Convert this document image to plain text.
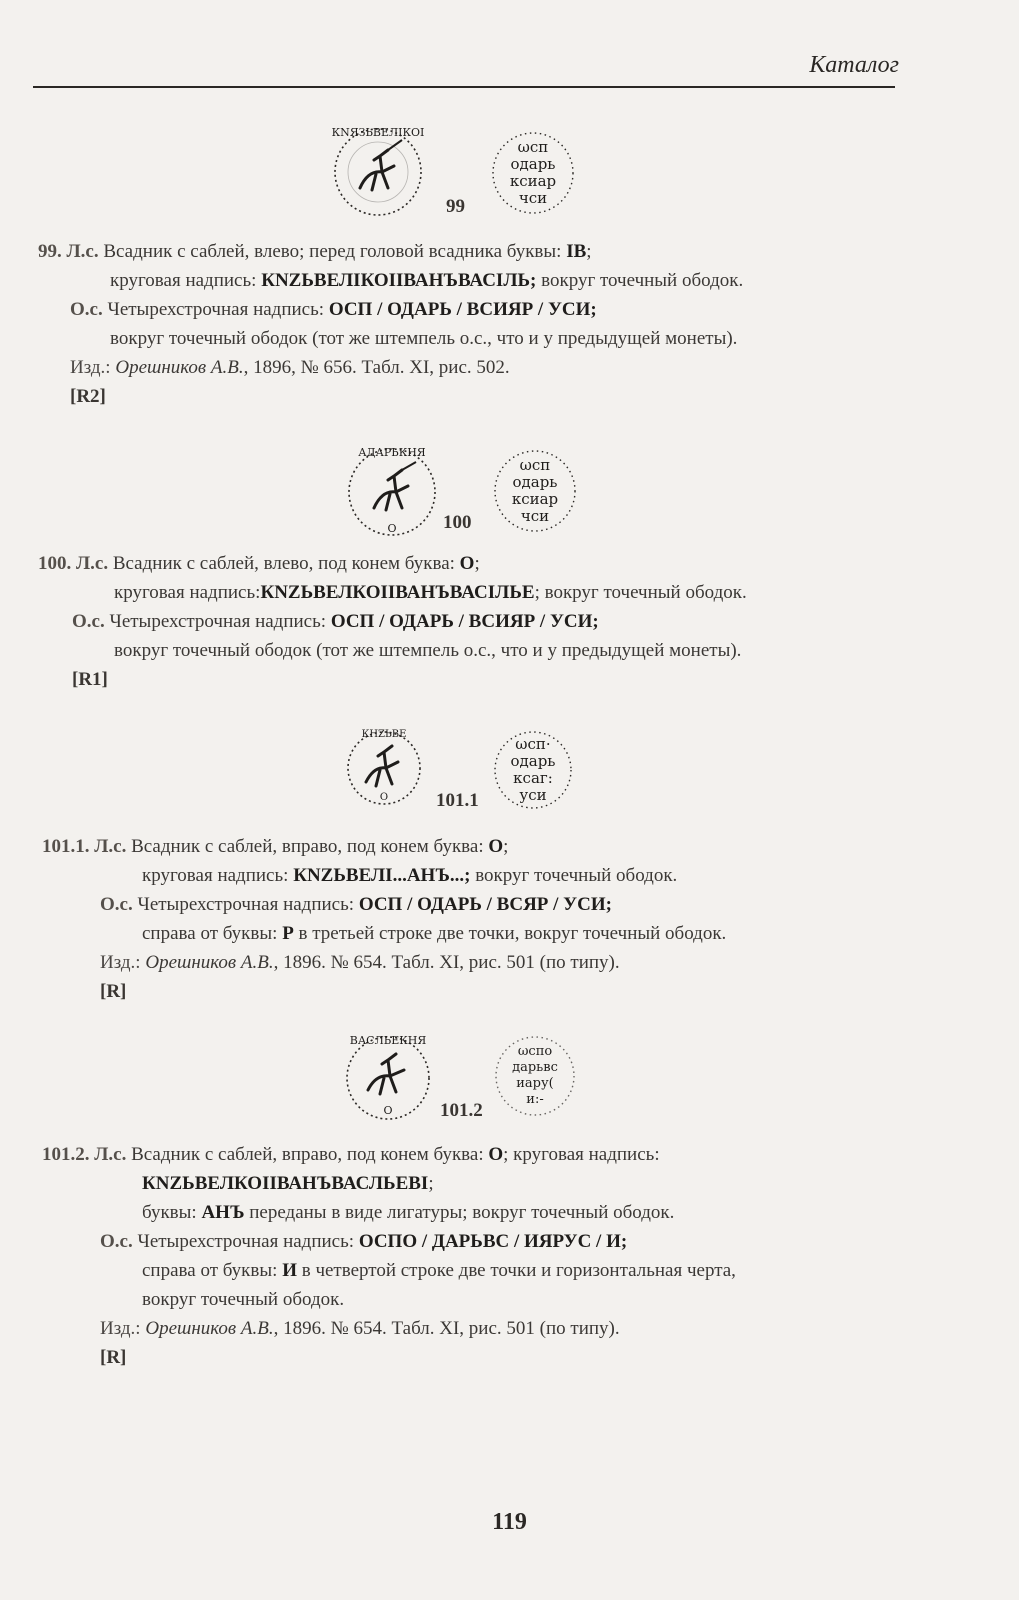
Каталог
КNЯЗЬВЕЛІКОІ
ωсп
одарь
ксиар
чси
99
99. Л.с. Всадник с саблей, влево; перед головой всадника буквы: IB;
круговая надпись: КNZЬВЕЛIКОIIВАНЪВАСIЛЬ; вокруг точечный ободок.
О.с. Четырехстрочная надпись: ОСП / ОДАРЬ / ВСИЯР / УСИ;
вокруг точечный ободок (тот же штемпель о.с., что и у предыдущей монеты).
Изд.: Орешников А.В., 1896, № 656. Табл. XI, рис. 502.
[R2]
АДАРЬКНЯ
О
ωсп
одарь
ксиар
чси
100
100. Л.с. Всадник с саблей, влево, под конем буква: О;
круговая надпись:КNZЬВЕЛКОIIВАНЪВАСIЛЬЕ; вокруг точечный ободок.
О.с. Четырехстрочная надпись: ОСП / ОДАРЬ / ВСИЯР / УСИ;
вокруг точечный ободок (тот же штемпель о.с., что и у предыдущей монеты).
[R1]
КНZЬВЕ
О
ωсп·
одарь
ксаг:
уси
101.1
101.1. Л.с. Всадник с саблей, вправо, под конем буква: О;
круговая надпись: КNZЬВЕЛI...АНЪ...; вокруг точечный ободок.
О.с. Четырехстрочная надпись: ОСП / ОДАРЬ / ВСЯР / УСИ;
справа от буквы: Р в третьей строке две точки, вокруг точечный ободок.
Изд.: Орешников А.В., 1896. № 654. Табл. XI, рис. 501 (по типу).
[R]
ВАСЛЬЕКНЯ
О
ωспо
дарьвс
иару(
и:-
101.2
101.2. Л.с. Всадник с саблей, вправо, под конем буква: О; круговая надпись:
КNZЬВЕЛКОIIВАНЪВАСЛЬЕВI;
буквы: АНЪ переданы в виде лигатуры; вокруг точечный ободок.
О.с. Четырехстрочная надпись: ОСПО / ДАРЬВС / ИЯРУС / И;
справа от буквы: И в четвертой строке две точки и горизонтальная черта,
вокруг точечный ободок.
Изд.: Орешников А.В., 1896. № 654. Табл. XI, рис. 501 (по типу).
[R]
119
